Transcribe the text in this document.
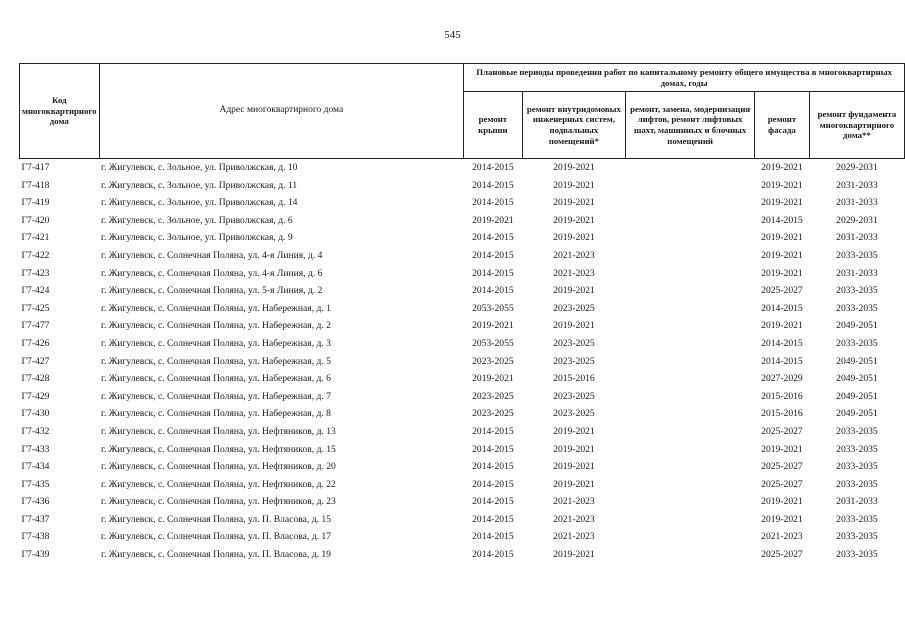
545
Код многоквартирного дома	Адрес многоквартирного дома	Плановые периоды проведения работ по капитальному ремонту общего имущества в многоквартирных домах, годы				
		ремонт крыши	ремонт внутридомовых инженерных систем, подвальных помещений*	ремонт, замена, модернизация лифтов, ремонт лифтовых шахт, машинных и блочных помещений	ремонт фасада	ремонт фундамента многоквартирного дома**
Г7-417	г. Жигулевск, с. Зольное, ул. Приволжская, д. 10	2014-2015	2019-2021		2019-2021	2029-2031
Г7-418	г. Жигулевск, с. Зольное, ул. Приволжская, д. 11	2014-2015	2019-2021		2019-2021	2031-2033
Г7-419	г. Жигулевск, с. Зольное, ул. Приволжская, д. 14	2014-2015	2019-2021		2019-2021	2031-2033
Г7-420	г. Жигулевск, с. Зольное, ул. Приволжская, д. 6	2019-2021	2019-2021		2014-2015	2029-2031
Г7-421	г. Жигулевск, с. Зольное, ул. Приволжская, д. 9	2014-2015	2019-2021		2019-2021	2031-2033
Г7-422	г. Жигулевск, с. Солнечная Поляна, ул. 4-я Линия, д. 4	2014-2015	2021-2023		2019-2021	2033-2035
Г7-423	г. Жигулевск, с. Солнечная Поляна, ул. 4-я Линия, д. 6	2014-2015	2021-2023		2019-2021	2031-2033
Г7-424	г. Жигулевск, с. Солнечная Поляна, ул. 5-я Линия, д. 2	2014-2015	2019-2021		2025-2027	2033-2035
Г7-425	г. Жигулевск, с. Солнечная Поляна, ул. Набережная, д. 1	2053-2055	2023-2025		2014-2015	2033-2035
Г7-477	г. Жигулевск, с. Солнечная Поляна, ул. Набережная, д. 2	2019-2021	2019-2021		2019-2021	2049-2051
Г7-426	г. Жигулевск, с. Солнечная Поляна, ул. Набережная, д. 3	2053-2055	2023-2025		2014-2015	2033-2035
Г7-427	г. Жигулевск, с. Солнечная Поляна, ул. Набережная, д. 5	2023-2025	2023-2025		2014-2015	2049-2051
Г7-428	г. Жигулевск, с. Солнечная Поляна, ул. Набережная, д. 6	2019-2021	2015-2016		2027-2029	2049-2051
Г7-429	г. Жигулевск, с. Солнечная Поляна, ул. Набережная, д. 7	2023-2025	2023-2025		2015-2016	2049-2051
Г7-430	г. Жигулевск, с. Солнечная Поляна, ул. Набережная, д. 8	2023-2025	2023-2025		2015-2016	2049-2051
Г7-432	г. Жигулевск, с. Солнечная Поляна, ул. Нефтяников, д. 13	2014-2015	2019-2021		2025-2027	2033-2035
Г7-433	г. Жигулевск, с. Солнечная Поляна, ул. Нефтяников, д. 15	2014-2015	2019-2021		2019-2021	2033-2035
Г7-434	г. Жигулевск, с. Солнечная Поляна, ул. Нефтяников, д. 20	2014-2015	2019-2021		2025-2027	2033-2035
Г7-435	г. Жигулевск, с. Солнечная Поляна, ул. Нефтяников, д. 22	2014-2015	2019-2021		2025-2027	2033-2035
Г7-436	г. Жигулевск, с. Солнечная Поляна, ул. Нефтяников, д. 23	2014-2015	2021-2023		2019-2021	2031-2033
Г7-437	г. Жигулевск, с. Солнечная Поляна, ул. П. Власова, д. 15	2014-2015	2021-2023		2019-2021	2033-2035
Г7-438	г. Жигулевск, с. Солнечная Поляна, ул. П. Власова, д. 17	2014-2015	2021-2023		2021-2023	2033-2035
Г7-439	г. Жигулевск, с. Солнечная Поляна, ул. П. Власова, д. 19	2014-2015	2019-2021		2025-2027	2033-2035
